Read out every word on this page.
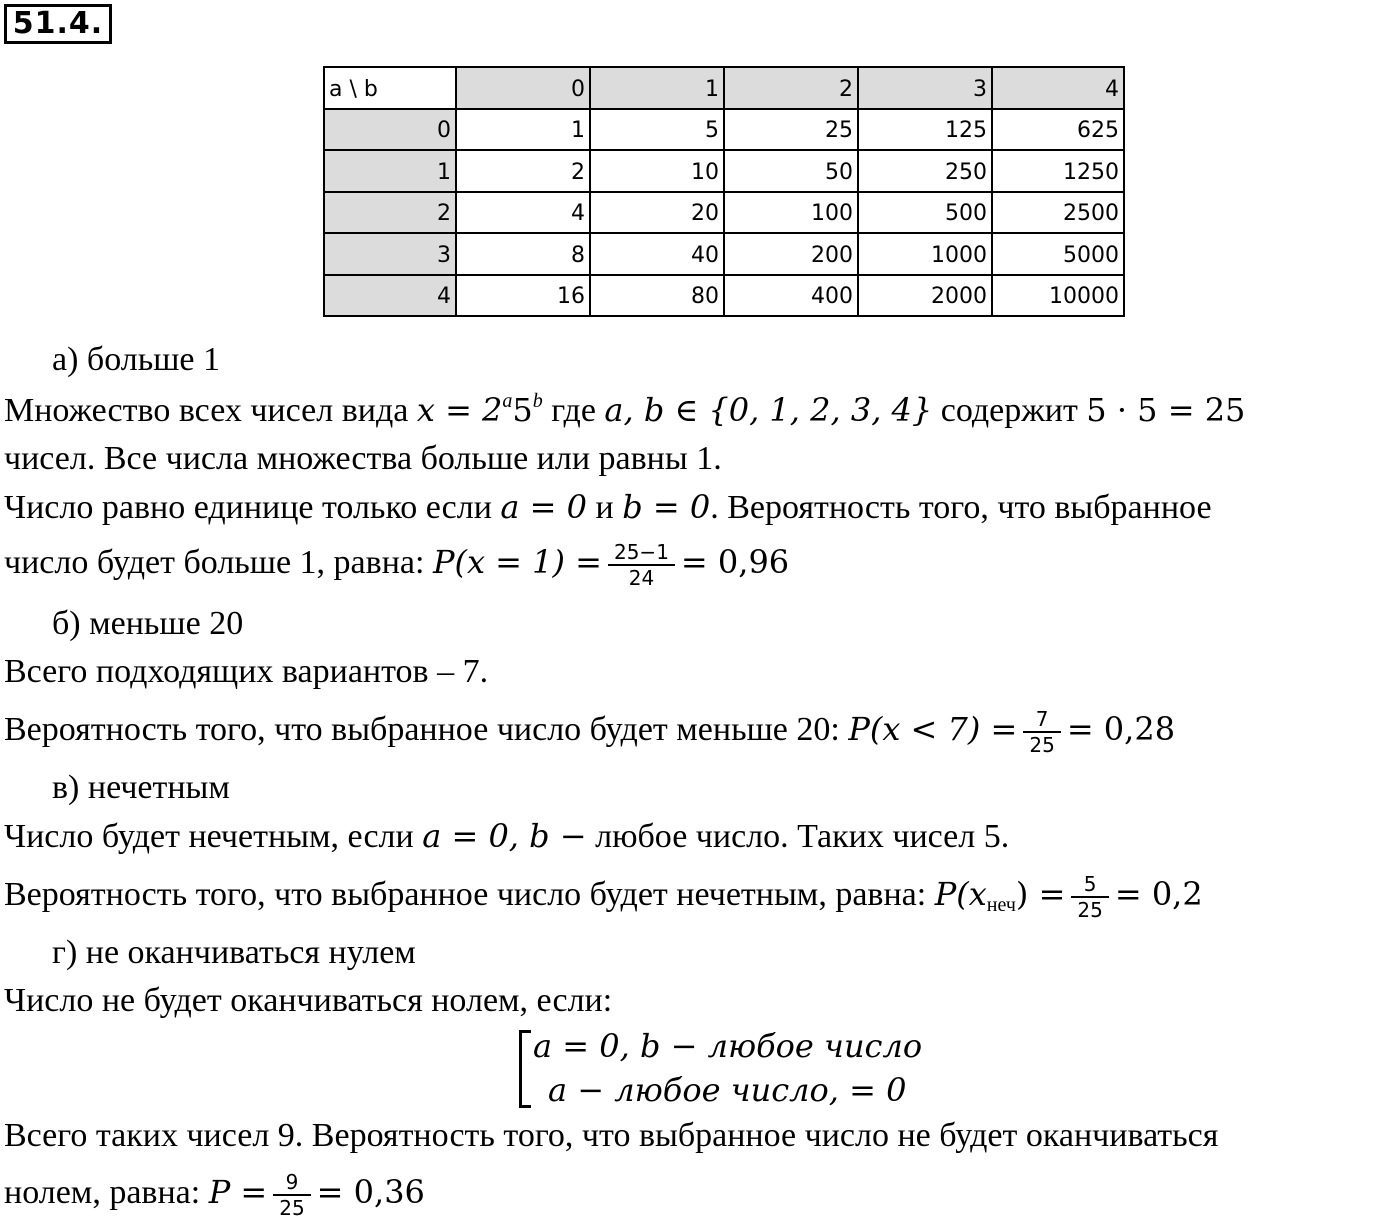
51.4.
	a \ b	0	1	2	3	4
	0	1	5	25	125	625
	1	2	10	50	250	1250
	2	4	20	100	500	2500
	3	8	40	200	1000	5000
	4	16	80	400	2000	10000
а) больше 1
Множество всех чисел вида $x = 2^a5^b$ где a, b ∈ {0, 1, 2, 3, 4} содержит 5 · 5 = 25
чисел. Все числа множества больше или равны 1.
Число равно единице только если a = 0 и b = 0. Вероятность того, что выбранное
число будет больше 1, равна: $P(x = 1) = \frac{25-1}{24} = 0,96$
б) меньше 20
Всего подходящих вариантов – 7.
Вероятность того, что выбранное число будет меньше 20: $P(x < 7) = \frac{7}{25} = 0,28$
в) нечетным
Число будет нечетным, если a = 0, b − любое число. Таких чисел 5.
Вероятность того, что выбранное число будет нечетным, равна: $P(x_{неч}) = \frac{5}{25} = 0,2$
г) не оканчиваться нулем
Число не будет оканчиваться нолем, если:
a = 0, b − любое число
a − любое число, = 0
Всего таких чисел 9. Вероятность того, что выбранное число не будет оканчиваться
нолем, равна: $P = \frac{9}{25} = 0,36$
